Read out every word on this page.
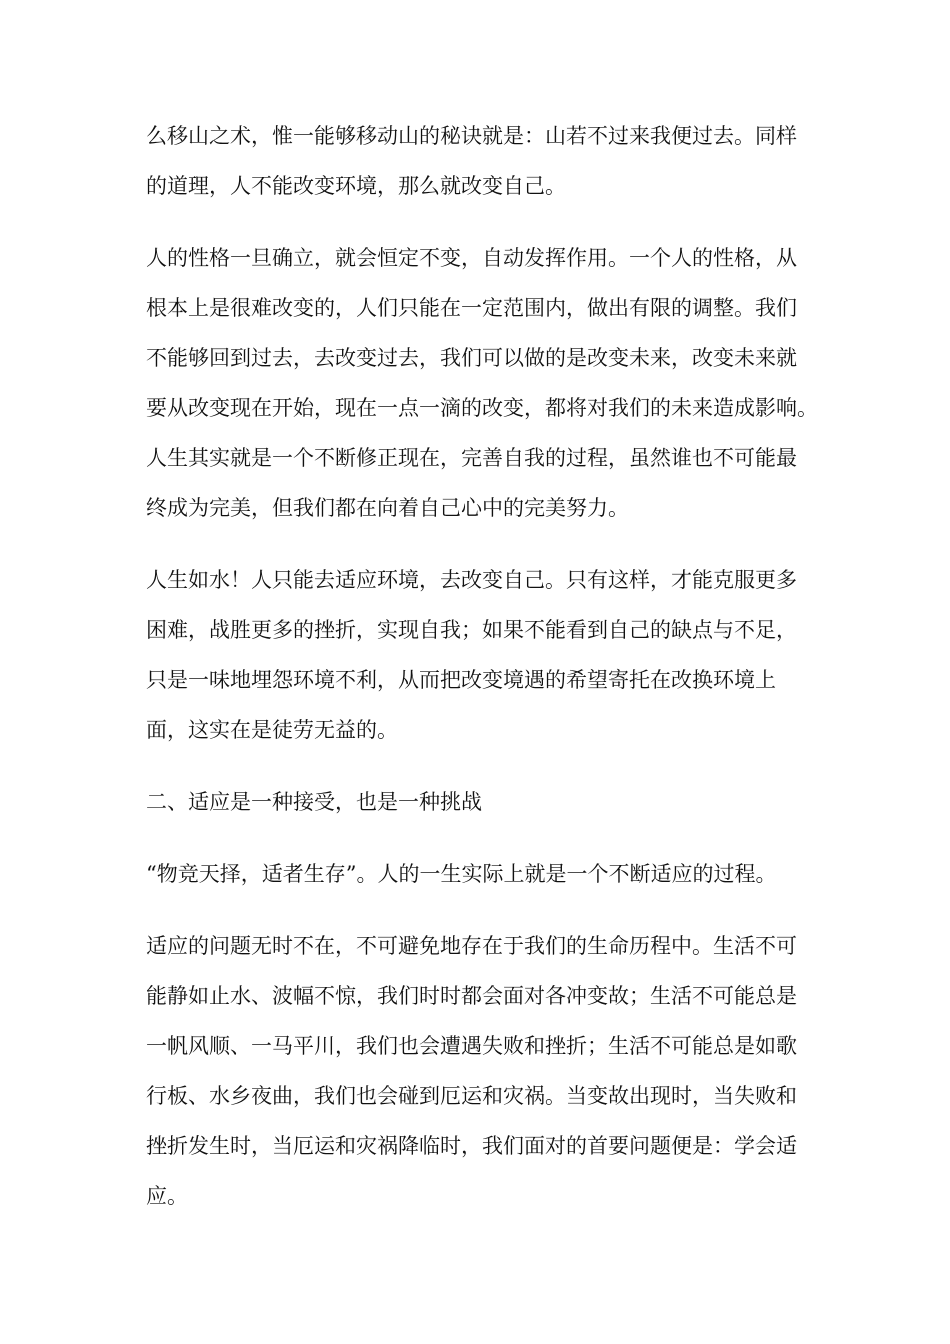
么移山之术，惟一能够移动山的秘诀就是：山若不过来我便过去。同样
的道理，人不能改变环境，那么就改变自己。
人的性格一旦确立，就会恒定不变，自动发挥作用。一个人的性格，从
根本上是很难改变的，人们只能在一定范围内，做出有限的调整。我们
不能够回到过去，去改变过去，我们可以做的是改变未来，改变未来就
要从改变现在开始，现在一点一滴的改变，都将对我们的未来造成影响。
人生其实就是一个不断修正现在，完善自我的过程，虽然谁也不可能最
终成为完美，但我们都在向着自己心中的完美努力。
人生如水！人只能去适应环境，去改变自己。只有这样，才能克服更多
困难，战胜更多的挫折，实现自我；如果不能看到自己的缺点与不足，
只是一味地埋怨环境不利，从而把改变境遇的希望寄托在改换环境上
面，这实在是徒劳无益的。
二、适应是一种接受，也是一种挑战
“物竞天择，适者生存”。人的一生实际上就是一个不断适应的过程。
适应的问题无时不在，不可避免地存在于我们的生命历程中。生活不可
能静如止水、波幅不惊，我们时时都会面对各冲变故；生活不可能总是
一帆风顺、一马平川，我们也会遭遇失败和挫折；生活不可能总是如歌
行板、水乡夜曲，我们也会碰到厄运和灾祸。当变故出现时，当失败和
挫折发生时，当厄运和灾祸降临时，我们面对的首要问题便是：学会适
应。
